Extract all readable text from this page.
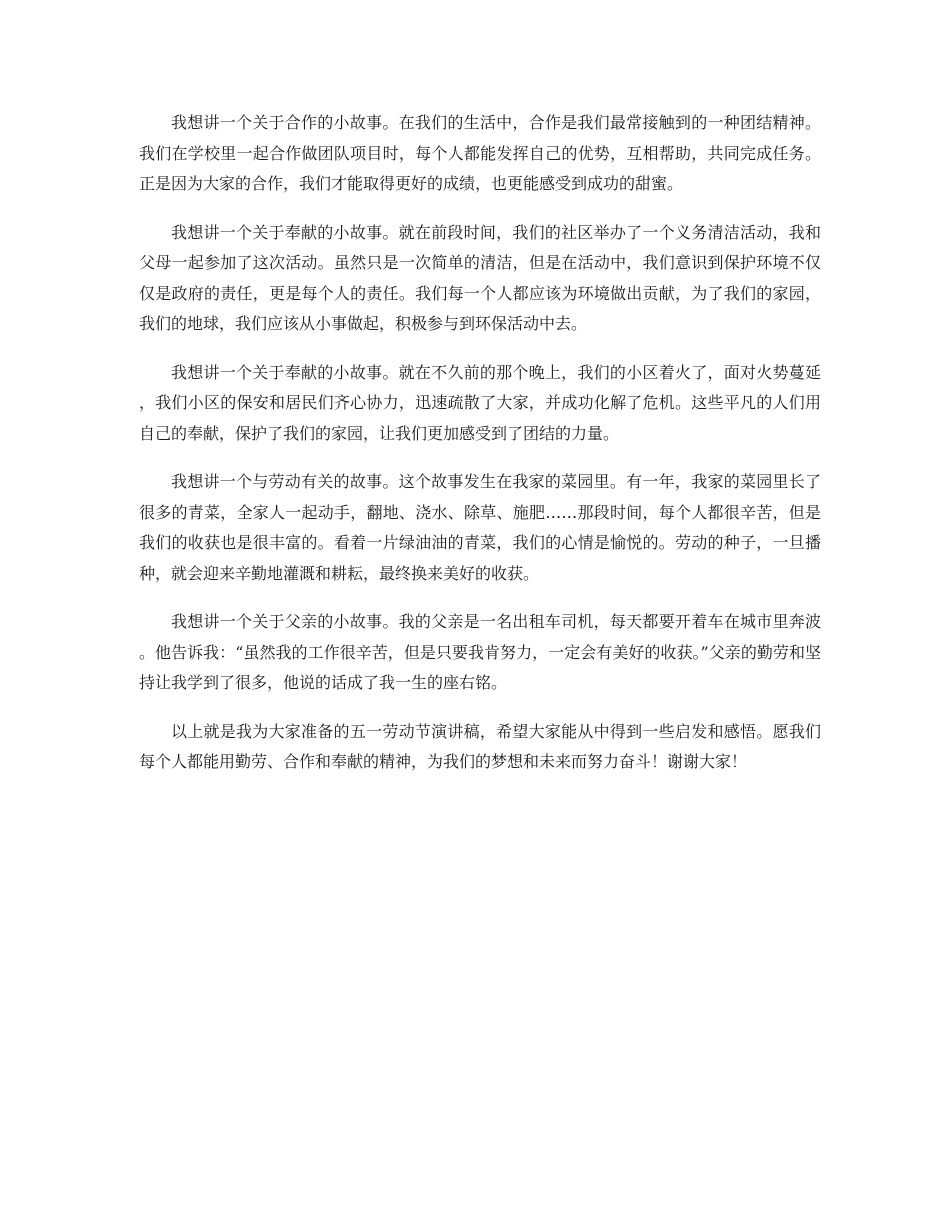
我想讲一个关于合作的小故事。在我们的生活中，合作是我们最常接触到的一种团结精神。我们在学校里一起合作做团队项目时，每个人都能发挥自己的优势，互相帮助，共同完成任务。正是因为大家的合作，我们才能取得更好的成绩，也更能感受到成功的甜蜜。

我想讲一个关于奉献的小故事。就在前段时间，我们的社区举办了一个义务清洁活动，我和父母一起参加了这次活动。虽然只是一次简单的清洁，但是在活动中，我们意识到保护环境不仅仅是政府的责任，更是每个人的责任。我们每一个人都应该为环境做出贡献，为了我们的家园，我们的地球，我们应该从小事做起，积极参与到环保活动中去。

我想讲一个关于奉献的小故事。就在不久前的那个晚上，我们的小区着火了，面对火势蔓延，我们小区的保安和居民们齐心协力，迅速疏散了大家，并成功化解了危机。这些平凡的人们用自己的奉献，保护了我们的家园，让我们更加感受到了团结的力量。

我想讲一个与劳动有关的故事。这个故事发生在我家的菜园里。有一年，我家的菜园里长了很多的青菜，全家人一起动手，翻地、浇水、除草、施肥……那段时间，每个人都很辛苦，但是我们的收获也是很丰富的。看着一片绿油油的青菜，我们的心情是愉悦的。劳动的种子，一旦播种，就会迎来辛勤地灌溉和耕耘，最终换来美好的收获。

我想讲一个关于父亲的小故事。我的父亲是一名出租车司机，每天都要开着车在城市里奔波。他告诉我：“虽然我的工作很辛苦，但是只要我肯努力，一定会有美好的收获。”父亲的勤劳和坚持让我学到了很多，他说的话成了我一生的座右铭。

以上就是我为大家准备的五一劳动节演讲稿，希望大家能从中得到一些启发和感悟。愿我们每个人都能用勤劳、合作和奉献的精神，为我们的梦想和未来而努力奋斗！谢谢大家！
